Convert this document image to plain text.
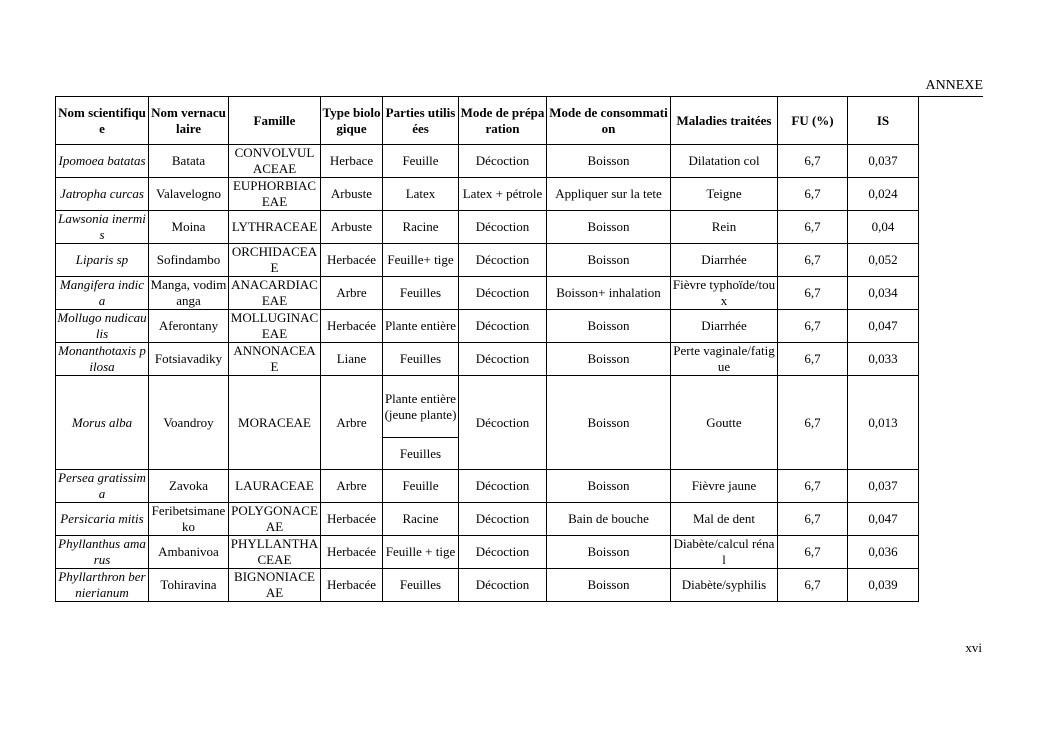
ANNEXE
Nom scientifique	Nom vernaculaire	Famille	Type biologique	Parties utilisées	Mode de préparation	Mode de consommation	Maladies traitées	FU (%)	IS
Ipomoea batatas	Batata	CONVOLVULACEAE	Herbace	Feuille	Décoction	Boisson	Dilatation col	6,7	0,037
Jatropha curcas	Valavelogno	EUPHORBIACEAE	Arbuste	Latex	Latex + pétrole	Appliquer sur la tete	Teigne	6,7	0,024
Lawsonia inermis	Moina	LYTHRACEAE	Arbuste	Racine	Décoction	Boisson	Rein	6,7	0,04
Liparis sp	Sofindambo	ORCHIDACEAE	Herbacée	Feuille+ tige	Décoction	Boisson	Diarrhée	6,7	0,052
Mangifera indica	Manga, vodimanga	ANACARDIACEAE	Arbre	Feuilles	Décoction	Boisson+ inhalation	Fièvre typhoïde/toux	6,7	0,034
Mollugo nudicaulis	Aferontany	MOLLUGINACEAE	Herbacée	Plante entière	Décoction	Boisson	Diarrhée	6,7	0,047
Monanthotaxis pilosa	Fotsiavadiky	ANNONACEAE	Liane	Feuilles	Décoction	Boisson	Perte vaginale/fatigue	6,7	0,033
Morus alba	Voandroy	MORACEAE	Arbre	Plante entière (jeune plante)	Décoction	Boisson	Goutte	6,7	0,013
				Feuilles					
Persea gratissima	Zavoka	LAURACEAE	Arbre	Feuille	Décoction	Boisson	Fièvre jaune	6,7	0,037
Persicaria mitis	Feribetsimaneko	POLYGONACEAE	Herbacée	Racine	Décoction	Bain de bouche	Mal de dent	6,7	0,047
Phyllanthus amarus	Ambanivoa	PHYLLANTHACEAE	Herbacée	Feuille + tige	Décoction	Boisson	Diabète/calcul rénal	6,7	0,036
Phyllarthron bernierianum	Tohiravina	BIGNONIACEAE	Herbacée	Feuilles	Décoction	Boisson	Diabète/syphilis	6,7	0,039
xvi
